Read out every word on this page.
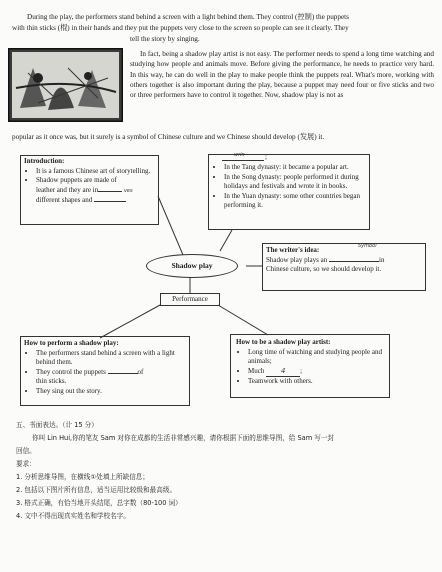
During the play, the performers stand behind a screen with a light behind them. They control (控制) the puppets

with thin sticks (棍) in their hands and they put the puppets very close to the screen so people can see it clearly. They

tell the story by singing.

In fact, being a shadow play artist is not easy. The performer needs to spend a long time watching and studying how people and animals move. Before giving the performance, he needs to practice very hard. In this way, he can do well in the play to make people think the puppets real. What's more, working with others together is also important during the play, because a puppet may need four or five sticks and two or three performers have to control it together. Now, shadow play is not as

popular as it once was, but it surely is a symbol of Chinese culture and we Chinese should develop (发展) it.

Introduction:
• It is a famous Chinese art of storytelling.
• Shadow puppets are made of
leather and they are in	ves
different shapes and
wrin	;
• In the Tang dynasty: it became a popular art.
• In the Song dynasty: people performed it during holidays and festivals and wrote it in books.
• In the Yuan dynasty: some other countries began performing it.
Shadow play
The writer's idea:	Symbol
Shadow play plays an	in
Chinese culture, so we should develop it.
Performance
How to perform a shadow play:
• The performers stand behind a screen with a light behind them.
• They control the puppets	of
thin sticks.
• They sing out the story.
How to be a shadow play artist:
• Long time of watching and studying people and animals;
• Much 4 ;
• Teamwork with others.

五、书面表达。（计 15 分）

你叫 Lin Hui,你的笔友 Sam 对你在成都的生活非常感兴趣，请你根据下面的思维导图，给 Sam 写一封

回信。

要求：

1. 分析思维导图，在横线①处填上所缺信息；

2. 包括以下图片所有信息，适当运用比较级和最高级。

3. 格式正确，有恰当地开头结尾，总字数（80-100 词）

4. 文中不得出现真实姓名和学校名字。
